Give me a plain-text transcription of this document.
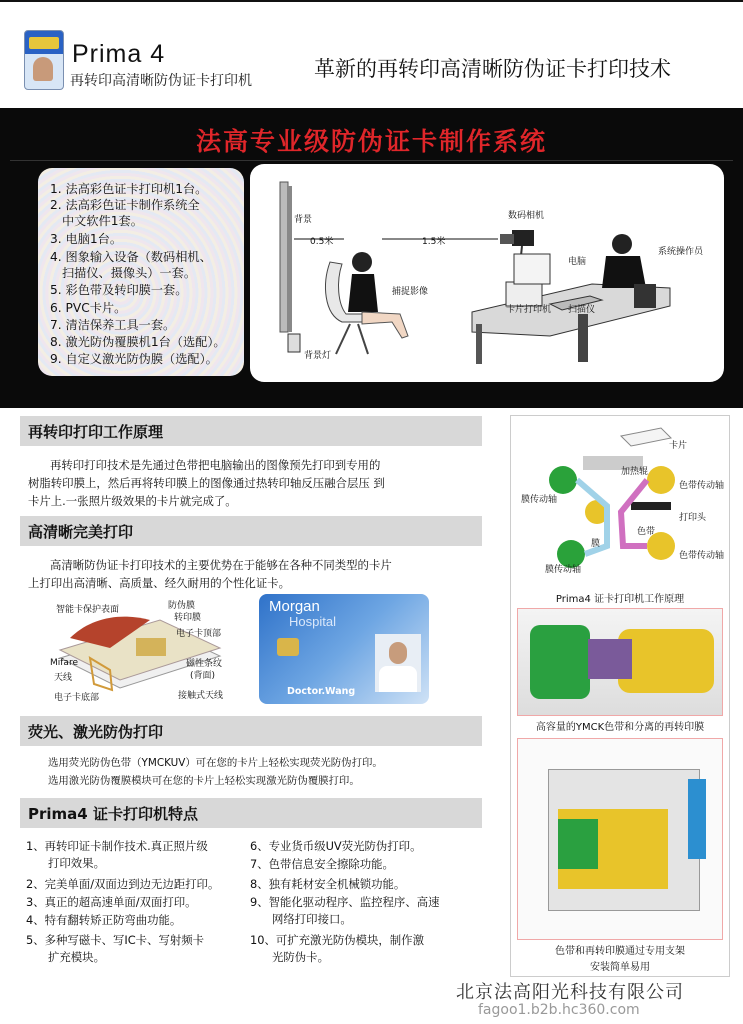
Prima 4
再转印高清晰防伪证卡打印机	革新的再转印高清晰防伪证卡打印技术
法高专业级防伪证卡制作系统
1. 法高彩色证卡打印机1台。
2. 法高彩色证卡制作系统全
中文软件1套。
3. 电脑1台。
4. 图象输入设备（数码相机、
扫描仪、摄像头）一套。
5. 彩色带及转印膜一套。
6. PVC卡片。
7. 清洁保养工具一套。
8. 激光防伪覆膜机1台（选配）。
9. 自定义激光防伪膜（选配）。
背景
0.5米	1.5米
数码相机
系统操作员
电脑
捕捉影像
卡片打印机 扫描仪
背景灯
再转印打印工作原理
再转印打印技术是先通过色带把电脑输出的图像预先打印到专用的
树脂转印膜上，然后再将转印膜上的图像通过热转印轴反压融合层压 到
卡片上.一张照片级效果的卡片就完成了。
高清晰完美打印
高清晰防伪证卡打印技术的主要优势在于能够在各种不同类型的卡片
上打印出高清晰、高质量、经久耐用的个性化证卡。
智能卡保护表面	防伪膜
转印膜
电子卡顶部
Mifare
天线
电子卡底部
磁性条纹
(背面)
接触式天线
Morgan
Hospital
Doctor.Wang
荧光、激光防伪打印
选用荧光防伪色带（YMCKUV）可在您的卡片上轻松实现荧光防伪打印。
选用激光防伪覆膜模块可在您的卡片上轻松实现激光防伪覆膜打印。
Prima4 证卡打印机特点
1、再转印证卡制作技术.真正照片级
打印效果。
2、完美单面/双面边到边无边距打印。
3、真正的超高速单面/双面打印。
4、特有翻转矫正防弯曲功能。
5、多种写磁卡、写IC卡、写射频卡
扩充模块。
6、专业货币级UV荧光防伪打印。
7、色带信息安全擦除功能。
8、独有耗材安全机械锁功能。
9、智能化驱动程序、监控程序、高速
网络打印接口。
10、可扩充激光防伪模块，制作激
光防伪卡。
卡片
加热辊
色带传动轴
膜传动轴
打印头
色带
膜
色带传动轴
膜传动轴
Prima4 证卡打印机工作原理
高容量的YMCK色带和分离的再转印膜
色带和再转印膜通过专用支架
安装简单易用
北京法高阳光科技有限公司
fagoo1.b2b.hc360.com
